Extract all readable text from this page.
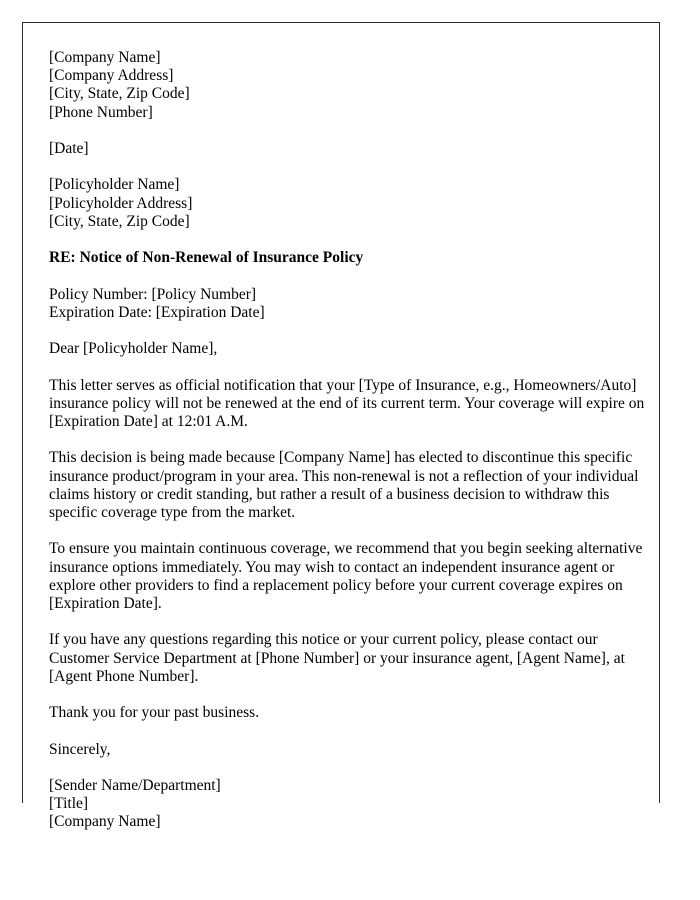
[Company Name]
[Company Address]
[City, State, Zip Code]
[Phone Number]
[Date]
[Policyholder Name]
[Policyholder Address]
[City, State, Zip Code]
RE: Notice of Non-Renewal of Insurance Policy
Policy Number: [Policy Number]
Expiration Date: [Expiration Date]
Dear [Policyholder Name],

This letter serves as official notification that your [Type of Insurance, e.g., Homeowners/Auto] insurance policy will not be renewed at the end of its current term. Your coverage will expire on [Expiration Date] at 12:01 A.M.

This decision is being made because [Company Name] has elected to discontinue this specific insurance product/program in your area. This non-renewal is not a reflection of your individual claims history or credit standing, but rather a result of a business decision to withdraw this specific coverage type from the market.

To ensure you maintain continuous coverage, we recommend that you begin seeking alternative insurance options immediately. You may wish to contact an independent insurance agent or explore other providers to find a replacement policy before your current coverage expires on [Expiration Date].

If you have any questions regarding this notice or your current policy, please contact our Customer Service Department at [Phone Number] or your insurance agent, [Agent Name], at [Agent Phone Number].

Thank you for your past business.
Sincerely,
[Sender Name/Department]
[Title]
[Company Name]
